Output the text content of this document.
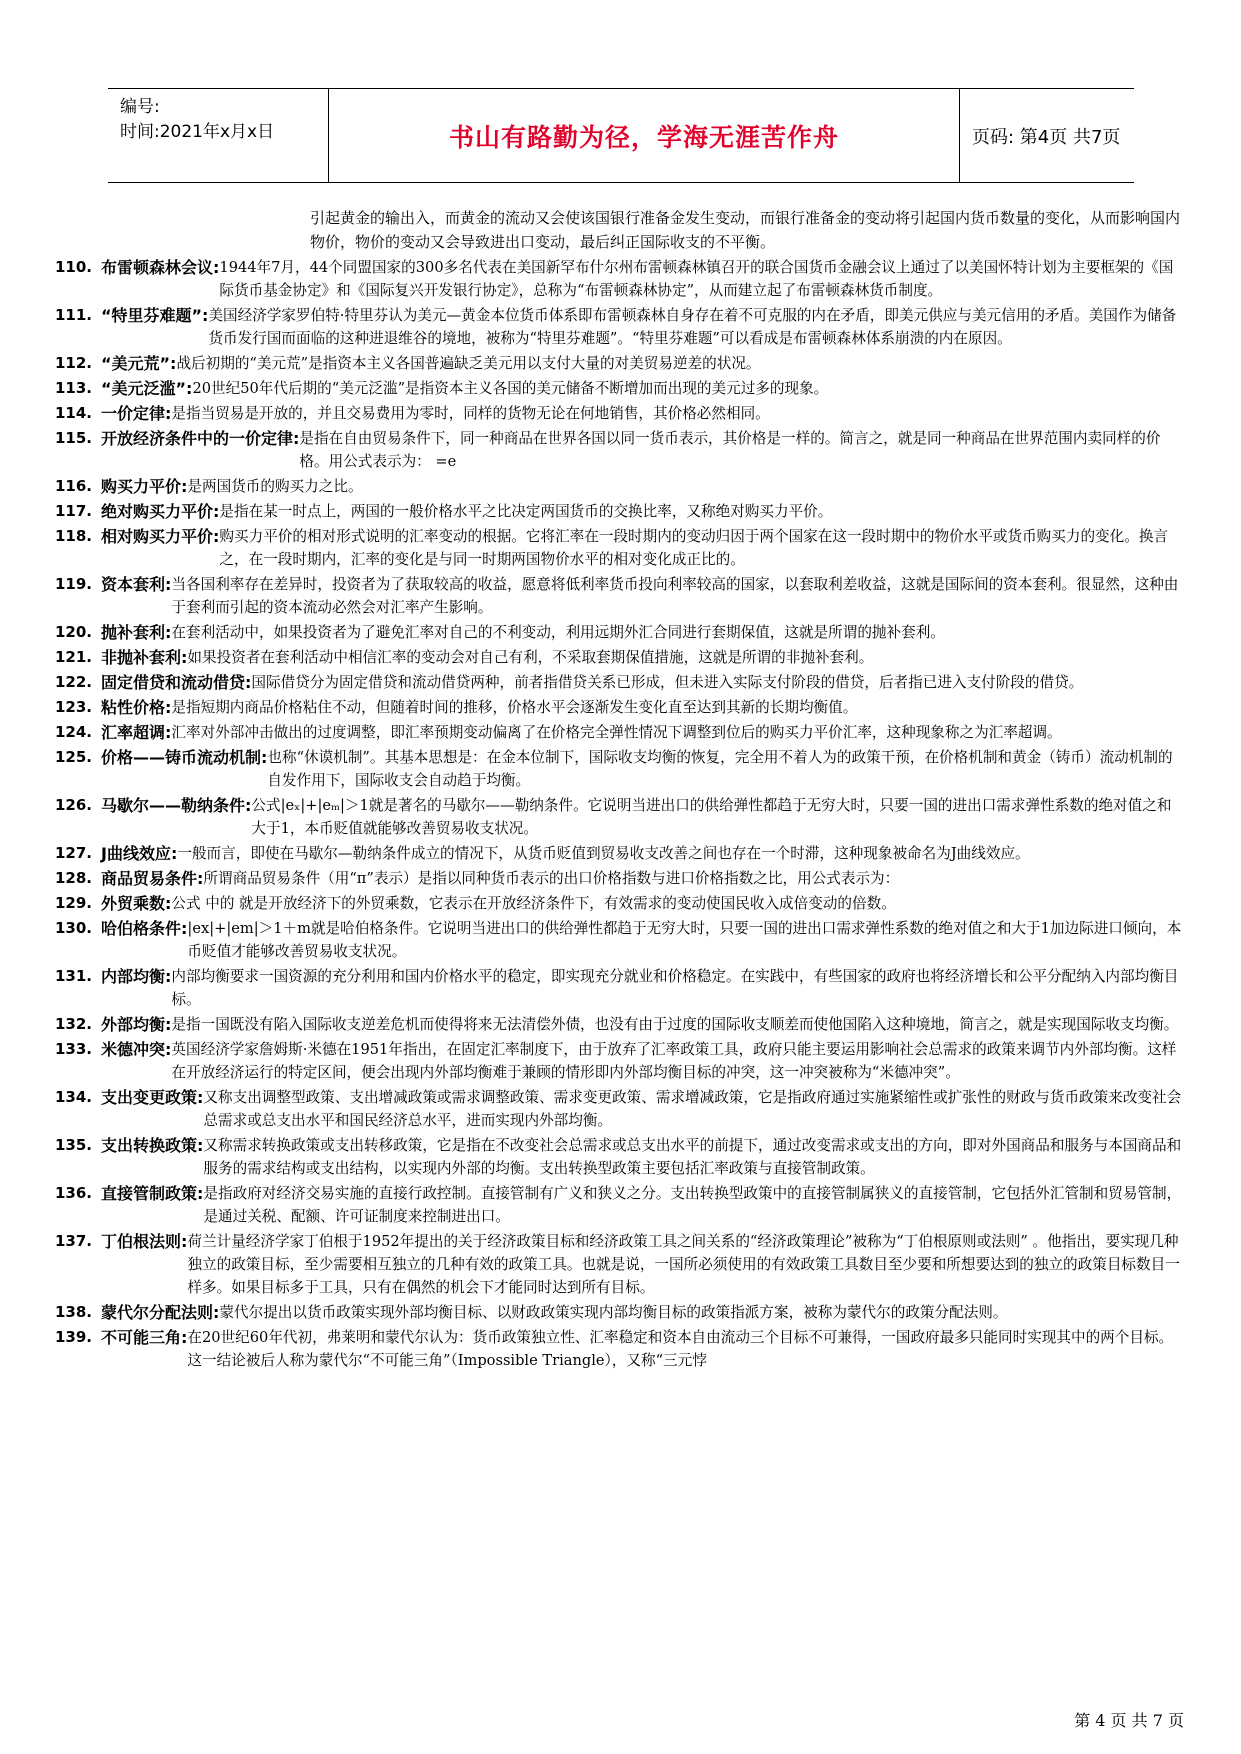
编号:
时间:2021年x月x日	书山有路勤为径，学海无涯苦作舟	页码: 第4页 共7页
引起黄金的输出入，而黄金的流动又会使该国银行准备金发生变动，而银行准备金的变动将引起国内货币数量的变化，从而影响国内物价，物价的变动又会导致进出口变动，最后纠正国际收支的不平衡。
110. 布雷顿森林会议: 1944年7月，44个同盟国家的300多名代表在美国新罕布什尔州布雷顿森林镇召开的联合国货币金融会议上通过了以美国怀特计划为主要框架的《国际货币基金协定》和《国际复兴开发银行协定》，总称为“布雷顿森林协定”，从而建立起了布雷顿森林货币制度。
111. “特里芬难题”: 美国经济学家罗伯特·特里芬认为美元—黄金本位货币体系即布雷顿森林自身存在着不可克服的内在矛盾，即美元供应与美元信用的矛盾。美国作为储备货币发行国而面临的这种进退维谷的境地，被称为“特里芬难题”。“特里芬难题”可以看成是布雷顿森林体系崩溃的内在原因。
112. “美元荒”: 战后初期的“美元荒”是指资本主义各国普遍缺乏美元用以支付大量的对美贸易逆差的状况。
113. “美元泛滥”: 20世纪50年代后期的“美元泛滥”是指资本主义各国的美元储备不断增加而出现的美元过多的现象。
114. 一价定律: 是指当贸易是开放的，并且交易费用为零时，同样的货物无论在何地销售，其价格必然相同。
115. 开放经济条件中的一价定律: 是指在自由贸易条件下，同一种商品在世界各国以同一货币表示，其价格是一样的。简言之，就是同一种商品在世界范围内卖同样的价格。用公式表示为： =e
116. 购买力平价: 是两国货币的购买力之比。
117. 绝对购买力平价: 是指在某一时点上，两国的一般价格水平之比决定两国货币的交换比率，又称绝对购买力平价。
118. 相对购买力平价: 购买力平价的相对形式说明的汇率变动的根据。它将汇率在一段时期内的变动归因于两个国家在这一段时期中的物价水平或货币购买力的变化。换言之，在一段时期内，汇率的变化是与同一时期两国物价水平的相对变化成正比的。
119. 资本套利: 当各国利率存在差异时，投资者为了获取较高的收益，愿意将低利率货币投向利率较高的国家，以套取利差收益，这就是国际间的资本套利。很显然，这种由于套利而引起的资本流动必然会对汇率产生影响。
120. 抛补套利: 在套利活动中，如果投资者为了避免汇率对自己的不利变动，利用远期外汇合同进行套期保值，这就是所谓的抛补套利。
121. 非抛补套利: 如果投资者在套利活动中相信汇率的变动会对自己有利，不采取套期保值措施，这就是所谓的非抛补套利。
122. 固定借贷和流动借贷: 国际借贷分为固定借贷和流动借贷两种，前者指借贷关系已形成，但未进入实际支付阶段的借贷，后者指已进入支付阶段的借贷。
123. 粘性价格: 是指短期内商品价格粘住不动，但随着时间的推移，价格水平会逐渐发生变化直至达到其新的长期均衡值。
124. 汇率超调: 汇率对外部冲击做出的过度调整，即汇率预期变动偏离了在价格完全弹性情况下调整到位后的购买力平价汇率，这种现象称之为汇率超调。
125. 价格——铸币流动机制: 也称“休谟机制”。其基本思想是：在金本位制下，国际收支均衡的恢复，完全用不着人为的政策干预，在价格机制和黄金（铸币）流动机制的自发作用下，国际收支会自动趋于均衡。
126. 马歇尔——勒纳条件: 公式|eₓ|+|eₘ|＞1就是著名的马歇尔——勒纳条件。它说明当进出口的供给弹性都趋于无穷大时，只要一国的进出口需求弹性系数的绝对值之和大于1，本币贬值就能够改善贸易收支状况。
127. J曲线效应: 一般而言，即使在马歇尔—勒纳条件成立的情况下，从货币贬值到贸易收支改善之间也存在一个时滞，这种现象被命名为J曲线效应。
128. 商品贸易条件: 所谓商品贸易条件（用“π”表示）是指以同种货币表示的出口价格指数与进口价格指数之比，用公式表示为：
129. 外贸乘数: 公式 中的 就是开放经济下的外贸乘数，它表示在开放经济条件下，有效需求的变动使国民收入成倍变动的倍数。
130. 哈伯格条件: |ex|+|em|＞1＋m就是哈伯格条件。它说明当进出口的供给弹性都趋于无穷大时，只要一国的进出口需求弹性系数的绝对值之和大于1加边际进口倾向，本币贬值才能够改善贸易收支状况。
131. 内部均衡: 内部均衡要求一国资源的充分利用和国内价格水平的稳定，即实现充分就业和价格稳定。在实践中，有些国家的政府也将经济增长和公平分配纳入内部均衡目标。
132. 外部均衡: 是指一国既没有陷入国际收支逆差危机而使得将来无法清偿外债，也没有由于过度的国际收支顺差而使他国陷入这种境地，简言之，就是实现国际收支均衡。
133. 米德冲突: 英国经济学家詹姆斯·米德在1951年指出，在固定汇率制度下，由于放弃了汇率政策工具，政府只能主要运用影响社会总需求的政策来调节内外部均衡。这样在开放经济运行的特定区间，便会出现内外部均衡难于兼顾的情形即内外部均衡目标的冲突，这一冲突被称为“米德冲突”。
134. 支出变更政策: 又称支出调整型政策、支出增减政策或需求调整政策、需求变更政策、需求增减政策，它是指政府通过实施紧缩性或扩张性的财政与货币政策来改变社会总需求或总支出水平和国民经济总水平，进而实现内外部均衡。
135. 支出转换政策: 又称需求转换政策或支出转移政策，它是指在不改变社会总需求或总支出水平的前提下，通过改变需求或支出的方向，即对外国商品和服务与本国商品和服务的需求结构或支出结构，以实现内外部的均衡。支出转换型政策主要包括汇率政策与直接管制政策。
136. 直接管制政策: 是指政府对经济交易实施的直接行政控制。直接管制有广义和狭义之分。支出转换型政策中的直接管制属狭义的直接管制，它包括外汇管制和贸易管制，是通过关税、配额、许可证制度来控制进出口。
137. 丁伯根法则: 荷兰计量经济学家丁伯根于1952年提出的关于经济政策目标和经济政策工具之间关系的“经济政策理论”被称为“丁伯根原则或法则” 。他指出，要实现几种独立的政策目标，至少需要相互独立的几种有效的政策工具。也就是说，一国所必须使用的有效政策工具数目至少要和所想要达到的独立的政策目标数目一样多。如果目标多于工具，只有在偶然的机会下才能同时达到所有目标。
138. 蒙代尔分配法则: 蒙代尔提出以货币政策实现外部均衡目标、以财政政策实现内部均衡目标的政策指派方案，被称为蒙代尔的政策分配法则。
139. 不可能三角: 在20世纪60年代初，弗莱明和蒙代尔认为：货币政策独立性、汇率稳定和资本自由流动三个目标不可兼得，一国政府最多只能同时实现其中的两个目标。这一结论被后人称为蒙代尔“不可能三角”（Impossible Triangle），又称“三元悖
第 4 页 共 7 页
